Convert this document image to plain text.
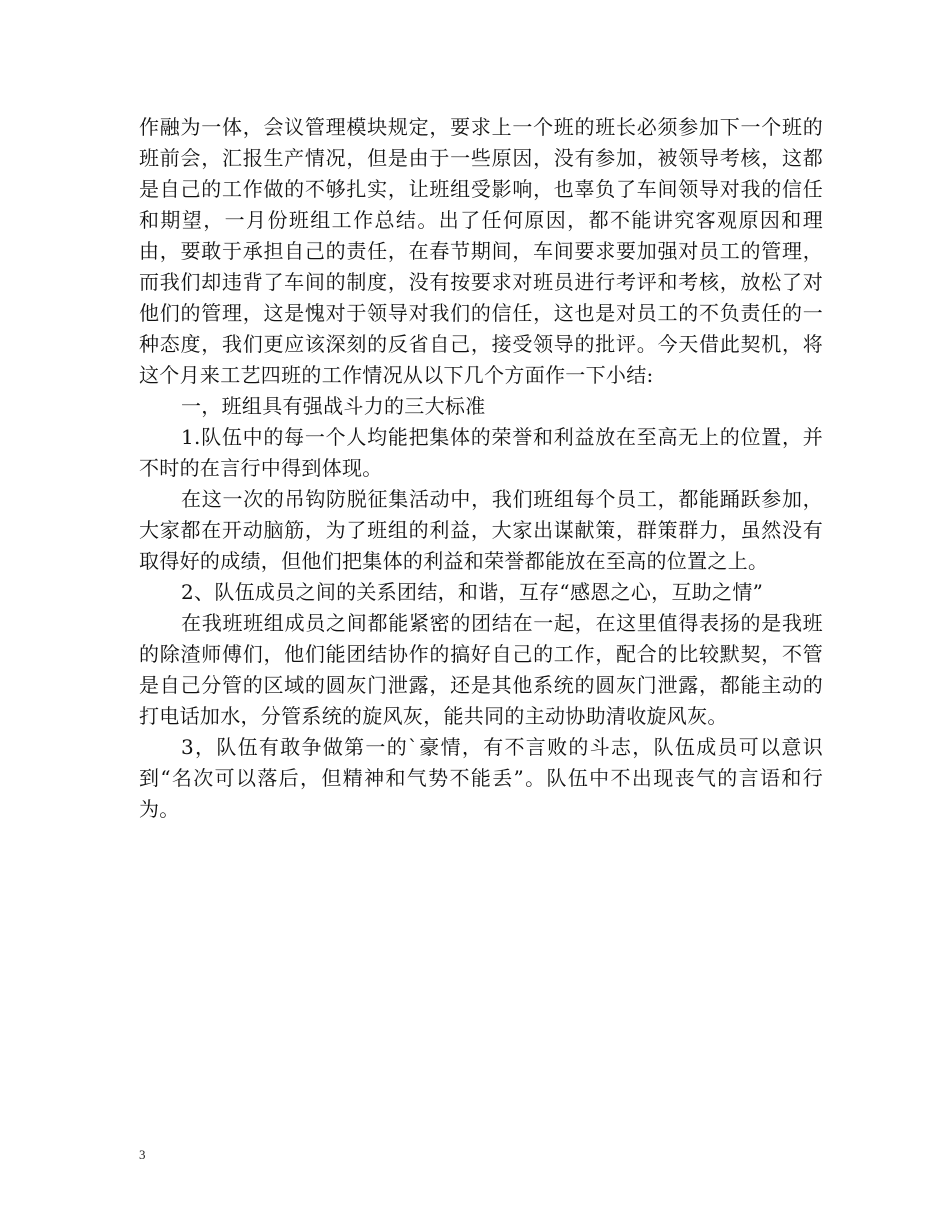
作融为一体，会议管理模块规定，要求上一个班的班长必须参加下一个班的班前会，汇报生产情况，但是由于一些原因，没有参加，被领导考核，这都是自己的工作做的不够扎实，让班组受影响，也辜负了车间领导对我的信任和期望，一月份班组工作总结。出了任何原因，都不能讲究客观原因和理由，要敢于承担自己的责任，在春节期间，车间要求要加强对员工的管理，而我们却违背了车间的制度，没有按要求对班员进行考评和考核，放松了对他们的管理，这是愧对于领导对我们的信任，这也是对员工的不负责任的一种态度，我们更应该深刻的反省自己，接受领导的批评。今天借此契机，将这个月来工艺四班的工作情况从以下几个方面作一下小结:

一，班组具有强战斗力的三大标准

1.队伍中的每一个人均能把集体的荣誉和利益放在至高无上的位置，并不时的在言行中得到体现。

在这一次的吊钩防脱征集活动中，我们班组每个员工，都能踊跃参加，大家都在开动脑筋，为了班组的利益，大家出谋献策，群策群力，虽然没有取得好的成绩，但他们把集体的利益和荣誉都能放在至高的位置之上。

2、队伍成员之间的关系团结，和谐，互存“感恩之心，互助之情”

在我班班组成员之间都能紧密的团结在一起，在这里值得表扬的是我班的除渣师傅们，他们能团结协作的搞好自己的工作，配合的比较默契，不管是自己分管的区域的圆灰门泄露，还是其他系统的圆灰门泄露，都能主动的打电话加水，分管系统的旋风灰，能共同的主动协助清收旋风灰。

3，队伍有敢争做第一的`豪情，有不言败的斗志，队伍成员可以意识到“名次可以落后，但精神和气势不能丢”。队伍中不出现丧气的言语和行为。

3
